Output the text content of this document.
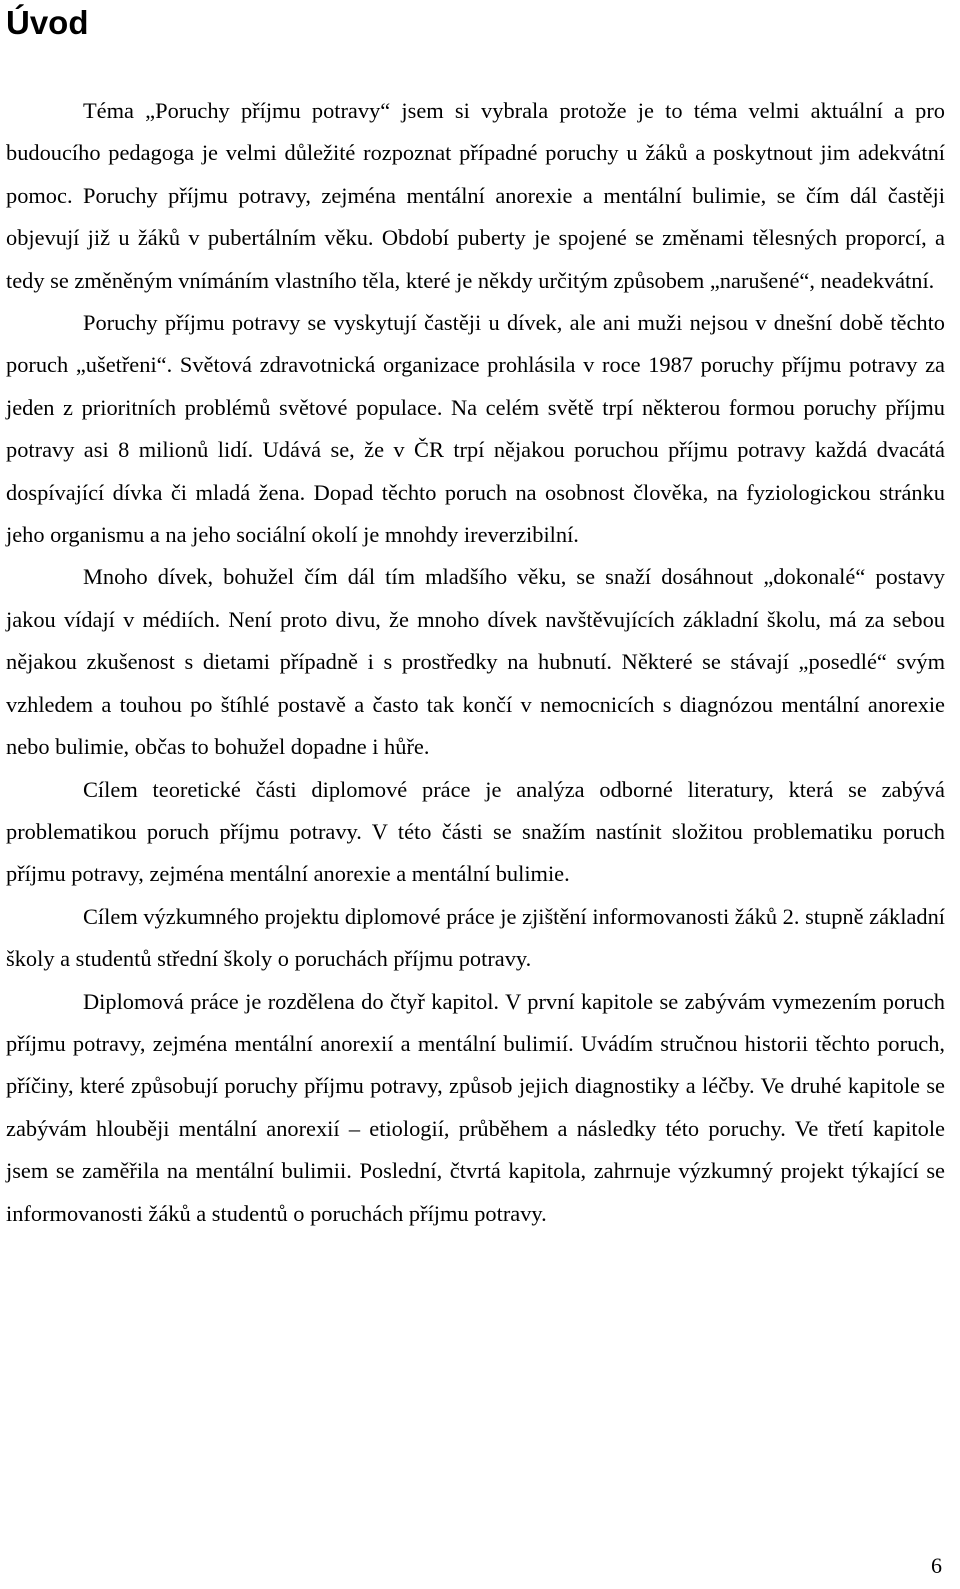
Úvod

Téma „Poruchy příjmu potravy“ jsem si vybrala protože je to téma velmi aktuální a pro budoucího pedagoga je velmi důležité rozpoznat případné poruchy u žáků a poskytnout jim adekvátní pomoc. Poruchy příjmu potravy, zejména mentální anorexie a mentální bulimie, se čím dál častěji objevují již u žáků v pubertálním věku. Období puberty je spojené se změnami tělesných proporcí, a tedy se změněným vnímáním vlastního těla, které je někdy určitým způsobem „narušené“, neadekvátní.

Poruchy příjmu potravy se vyskytují častěji u dívek, ale ani muži nejsou v dnešní době těchto poruch „ušetřeni“. Světová zdravotnická organizace prohlásila v roce 1987 poruchy příjmu potravy za jeden z prioritních problémů světové populace. Na celém světě trpí některou formou poruchy příjmu potravy asi 8 milionů lidí. Udává se, že v ČR trpí nějakou poruchou příjmu potravy každá dvacátá dospívající dívka či mladá žena. Dopad těchto poruch na osobnost člověka, na fyziologickou stránku jeho organismu a na jeho sociální okolí je mnohdy ireverzibilní.

Mnoho dívek, bohužel čím dál tím mladšího věku, se snaží dosáhnout „dokonalé“ postavy jakou vídají v médiích. Není proto divu, že mnoho dívek navštěvujících základní školu, má za sebou nějakou zkušenost s dietami případně i s prostředky na hubnutí. Některé se stávají „posedlé“ svým vzhledem a touhou po štíhlé postavě a často tak končí v nemocnicích s diagnózou mentální anorexie nebo bulimie, občas to bohužel dopadne i hůře.

Cílem teoretické části diplomové práce je analýza odborné literatury, která se zabývá problematikou poruch příjmu potravy. V této části se snažím nastínit složitou problematiku poruch příjmu potravy, zejména mentální anorexie a mentální bulimie.

Cílem výzkumného projektu diplomové práce je zjištění informovanosti žáků 2. stupně základní školy a studentů střední školy o poruchách příjmu potravy.

Diplomová práce je rozdělena do čtyř kapitol. V první kapitole se zabývám vymezením poruch příjmu potravy, zejména mentální anorexií a mentální bulimií. Uvádím stručnou historii těchto poruch, příčiny, které způsobují poruchy příjmu potravy, způsob jejich diagnostiky a léčby. Ve druhé kapitole se zabývám hlouběji mentální anorexií – etiologií, průběhem a následky této poruchy. Ve třetí kapitole jsem se zaměřila na mentální bulimii. Poslední, čtvrtá kapitola, zahrnuje výzkumný projekt týkající se informovanosti žáků a studentů o poruchách příjmu potravy.

6
